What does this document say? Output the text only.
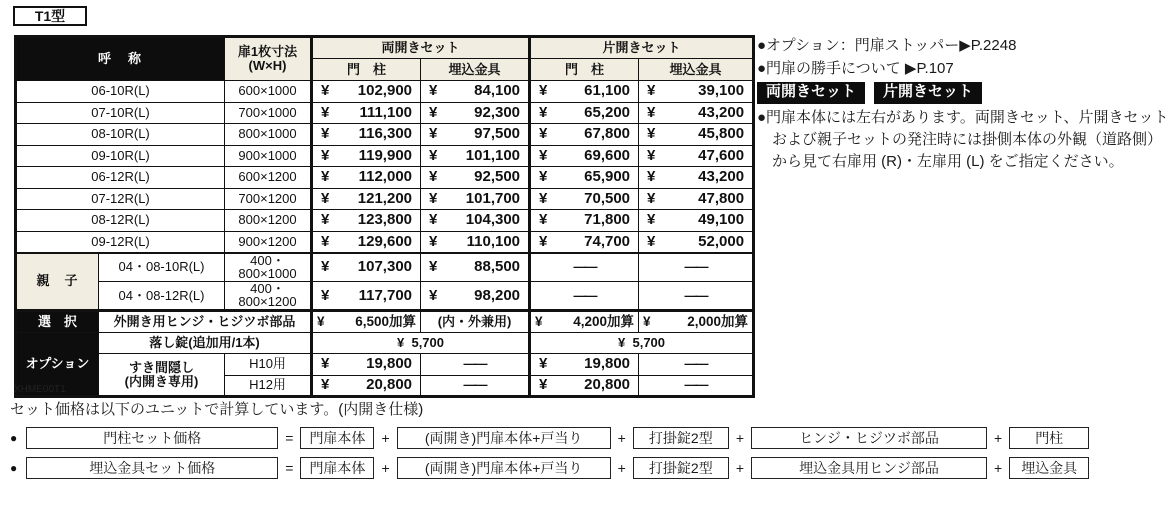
T1型
呼　称		扉1枚寸法
(W×H)	両開きセット		片開きセット	
			門　柱	埋込金具	門　柱	埋込金具
06-10R(L)		600×1000	¥ 102,900	¥ 84,100	¥ 61,100	¥ 39,100

07-10R(L)		700×1000	¥ 111,100	¥ 92,300	¥ 65,200	¥ 43,200

08-10R(L)		800×1000	¥ 116,300	¥ 97,500	¥ 67,800	¥ 45,800

09-10R(L)		900×1000	¥ 119,900	¥ 101,100	¥ 69,600	¥ 47,600

06-12R(L)		600×1200	¥ 112,000	¥ 92,500	¥ 65,900	¥ 43,200

07-12R(L)		700×1200	¥ 121,200	¥ 101,700	¥ 70,500	¥ 47,800

08-12R(L)		800×1200	¥ 123,800	¥ 104,300	¥ 71,800	¥ 49,100

09-12R(L)		900×1200	¥ 129,600	¥ 110,100	¥ 74,700	¥ 52,000

親　子	04・08-10R(L)	400・800×1000	¥ 107,300	¥ 88,500	——	——
	04・08-12R(L)	400・800×1200	¥ 117,700	¥ 98,200	——	——
選　択	外開き用ヒンジ・ヒジツボ部品		¥ 6,500加算	(内・外兼用)	¥ 4,200加算	¥ 2,000加算

オプション	落し錠(追加用/1本)		¥  5,700		¥  5,700	
	すき間隠し
(内開き専用)	H10用	¥ 19,800	——	¥ 19,800	——
		H12用	¥ 20,800	——	¥ 20,800	——
XHME00T1
●オプション：門扉ストッパー▶P.2248
●門扉の勝手について ▶P.107
両開きセット	片開きセット
●門扉本体には左右があります。両開きセット、片開きセットおよび親子セットの発注時には掛側本体の外観（道路側）から見て右扉用 (R)・左扉用 (L) をご指定ください。
セット価格は以下のユニットで計算しています。(内開き仕様)
●	門柱セット価格	=	門扉本体	+	(両開き)門扉本体+戸当り	+	打掛錠2型	+	ヒンジ・ヒジツボ部品	+	門柱
●	埋込金具セット価格	=	門扉本体	+	(両開き)門扉本体+戸当り	+	打掛錠2型	+	埋込金具用ヒンジ部品	+	埋込金具
